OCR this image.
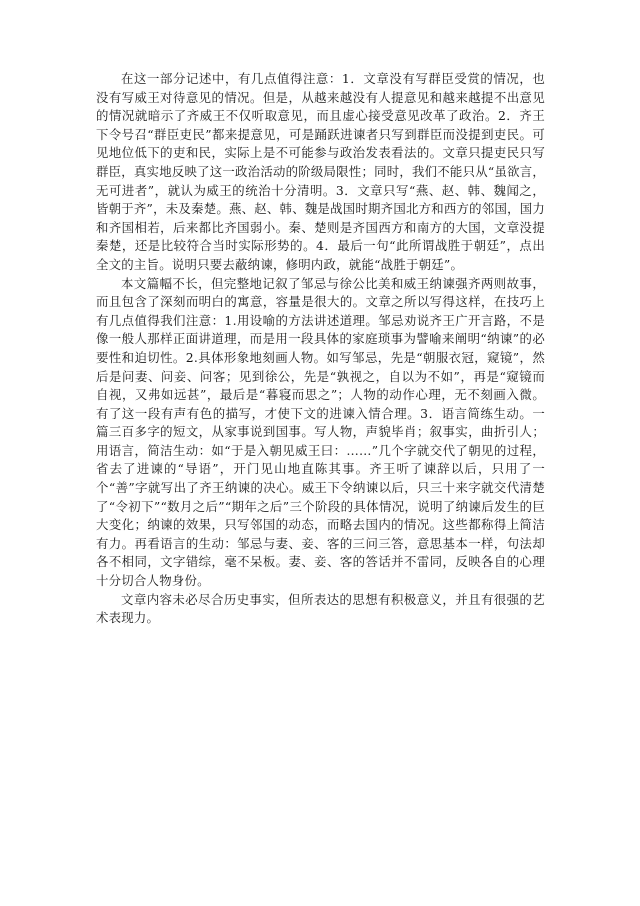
在这一部分记述中，有几点值得注意：1．文章没有写群臣受赏的情况，也没有写威王对待意见的情况。但是，从越来越没有人提意见和越来越提不出意见的情况就暗示了齐威王不仅听取意见，而且虚心接受意见改革了政治。2．齐王下令号召“群臣吏民”都来提意见，可是踊跃进谏者只写到群臣而没提到吏民。可见地位低下的吏和民，实际上是不可能参与政治发表看法的。文章只提吏民只写群臣，真实地反映了这一政治活动的阶级局限性；同时，我们不能只从“虽欲言，无可进者”，就认为威王的统治十分清明。3．文章只写“燕、赵、韩、魏闻之，皆朝于齐”，未及秦楚。燕、赵、韩、魏是战国时期齐国北方和西方的邻国，国力和齐国相若，后来都比齐国弱小。秦、楚则是齐国西方和南方的大国，文章没提秦楚，还是比较符合当时实际形势的。4．最后一句“此所谓战胜于朝廷”，点出全文的主旨。说明只要去蔽纳谏，修明内政，就能“战胜于朝廷”。

本文篇幅不长，但完整地记叙了邹忌与徐公比美和威王纳谏强齐两则故事，而且包含了深刻而明白的寓意，容量是很大的。文章之所以写得这样，在技巧上有几点值得我们注意：1.用设喻的方法讲述道理。邹忌劝说齐王广开言路，不是像一般人那样正面讲道理，而是用一段具体的家庭琐事为譬喻来阐明“纳谏”的必要性和迫切性。2.具体形象地刻画人物。如写邹忌，先是“朝服衣冠，窥镜”，然后是问妻、问妾、问客；见到徐公，先是“孰视之，自以为不如”，再是“窥镜而自视，又弗如远甚”，最后是“暮寝而思之”；人物的动作心理，无不刻画入微。有了这一段有声有色的描写，才使下文的进谏入情合理。3．语言简练生动。一篇三百多字的短文，从家事说到国事。写人物，声貌毕肖；叙事实，曲折引人；用语言，简洁生动：如“于是入朝见威王曰：……”几个字就交代了朝见的过程，省去了进谏的“导语”，开门见山地直陈其事。齐王听了谏辞以后，只用了一个“善”字就写出了齐王纳谏的决心。威王下令纳谏以后，只三十来字就交代清楚了“令初下”“数月之后”“期年之后”三个阶段的具体情况，说明了纳谏后发生的巨大变化；纳谏的效果，只写邻国的动态，而略去国内的情况。这些都称得上简洁有力。再看语言的生动：邹忌与妻、妾、客的三问三答，意思基本一样，句法却各不相同，文字错综，毫不呆板。妻、妾、客的答话并不雷同，反映各自的心理十分切合人物身份。

文章内容未必尽合历史事实，但所表达的思想有积极意义，并且有很强的艺术表现力。
